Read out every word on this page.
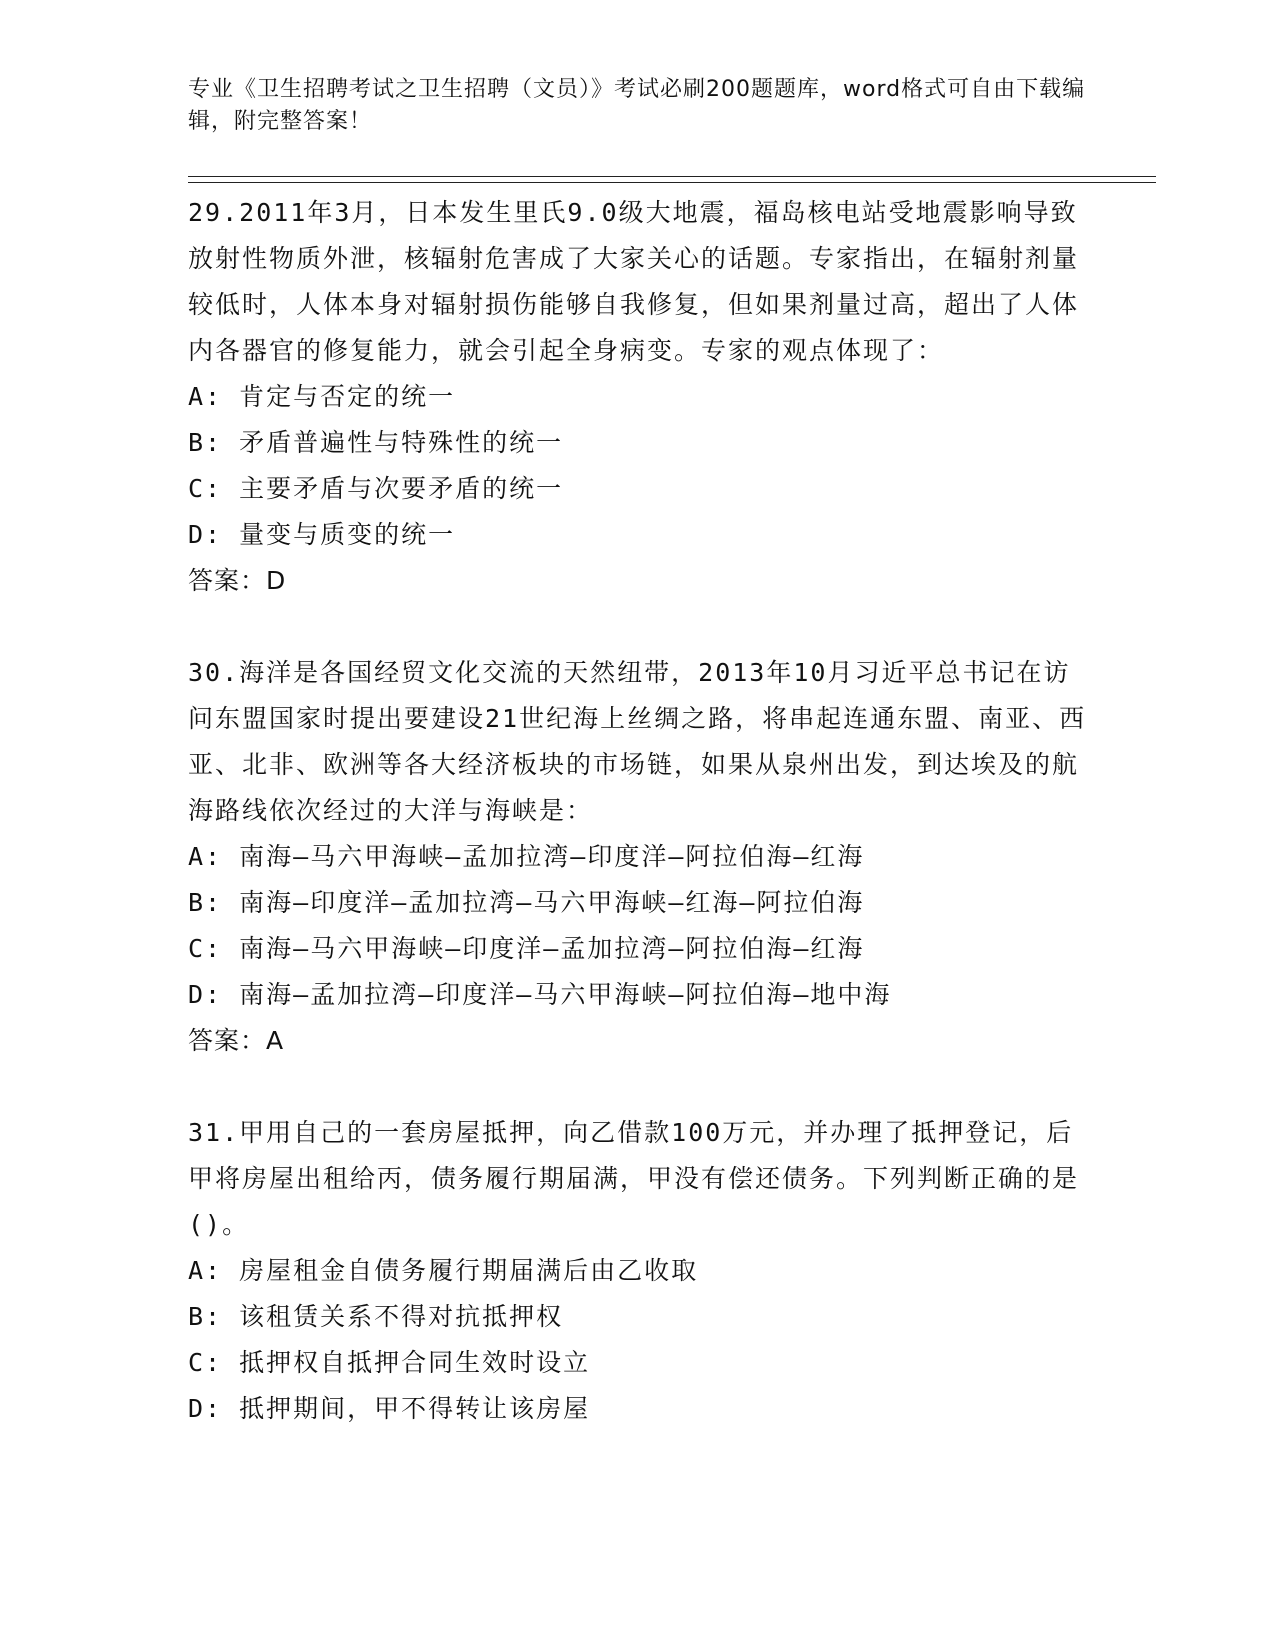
专业《卫生招聘考试之卫生招聘（文员）》考试必刷200题题库，word格式可自由下载编辑，附完整答案！

29.2011年3月，日本发生里氏9.0级大地震，福岛核电站受地震影响导致放射性物质外泄，核辐射危害成了大家关心的话题。专家指出，在辐射剂量较低时，人体本身对辐射损伤能够自我修复，但如果剂量过高，超出了人体内各器官的修复能力，就会引起全身病变。专家的观点体现了：

A: 肯定与否定的统一

B: 矛盾普遍性与特殊性的统一

C: 主要矛盾与次要矛盾的统一

D: 量变与质变的统一

答案：D

30.海洋是各国经贸文化交流的天然纽带，2013年10月习近平总书记在访问东盟国家时提出要建设21世纪海上丝绸之路，将串起连通东盟、南亚、西亚、北非、欧洲等各大经济板块的市场链，如果从泉州出发，到达埃及的航海路线依次经过的大洋与海峡是：

A: 南海—马六甲海峡—孟加拉湾—印度洋—阿拉伯海—红海

B: 南海—印度洋—孟加拉湾—马六甲海峡—红海—阿拉伯海

C: 南海—马六甲海峡—印度洋—孟加拉湾—阿拉伯海—红海

D: 南海—孟加拉湾—印度洋—马六甲海峡—阿拉伯海—地中海

答案：A

31.甲用自己的一套房屋抵押，向乙借款100万元，并办理了抵押登记，后甲将房屋出租给丙，债务履行期届满，甲没有偿还债务。下列判断正确的是()。

A: 房屋租金自债务履行期届满后由乙收取

B: 该租赁关系不得对抗抵押权

C: 抵押权自抵押合同生效时设立

D: 抵押期间，甲不得转让该房屋
